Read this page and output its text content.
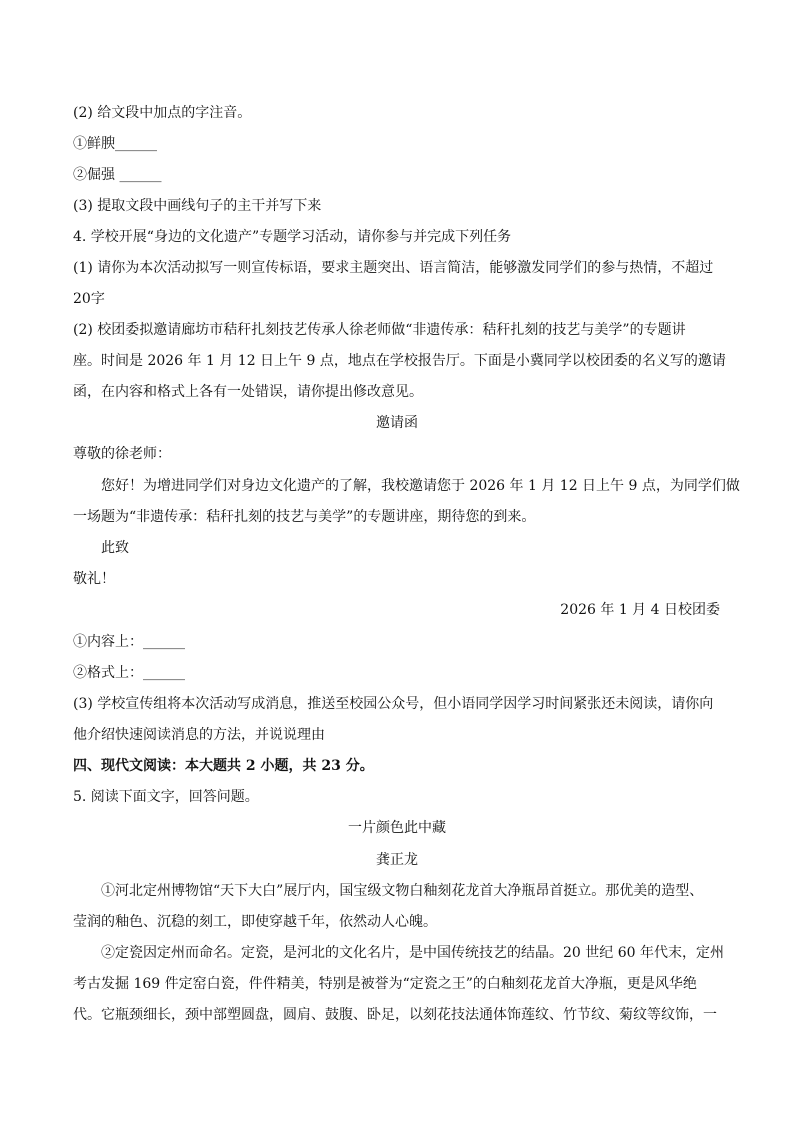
(2) 给文段中加点的字注音。
①鲜腴______
②倔强 ______
(3) 提取文段中画线句子的主干并写下来
4. 学校开展“身边的文化遗产”专题学习活动，请你参与并完成下列任务
(1) 请你为本次活动拟写一则宣传标语，要求主题突出、语言简洁，能够激发同学们的参与热情，不超过
20字
(2) 校团委拟邀请廊坊市秸秆扎刻技艺传承人徐老师做“非遗传承：秸秆扎刻的技艺与美学”的专题讲
座。时间是 2026 年 1 月 12 日上午 9 点，地点在学校报告厅。下面是小冀同学以校团委的名义写的邀请
函，在内容和格式上各有一处错误，请你提出修改意见。
邀请函
尊敬的徐老师：
您好！为增进同学们对身边文化遗产的了解，我校邀请您于 2026 年 1 月 12 日上午 9 点，为同学们做
一场题为“非遗传承：秸秆扎刻的技艺与美学”的专题讲座，期待您的到来。
此致
敬礼！
2026 年 1 月 4 日校团委
①内容上：______
②格式上：______
(3) 学校宣传组将本次活动写成消息，推送至校园公众号，但小语同学因学习时间紧张还未阅读，请你向
他介绍快速阅读消息的方法，并说说理由
四、现代文阅读：本大题共 2 小题，共 23 分。
5. 阅读下面文字，回答问题。
一片颜色此中藏
龚正龙
①河北定州博物馆“天下大白”展厅内，国宝级文物白釉刻花龙首大净瓶昂首挺立。那优美的造型、
莹润的釉色、沉稳的刻工，即使穿越千年，依然动人心魄。
②定瓷因定州而命名。定瓷，是河北的文化名片，是中国传统技艺的结晶。20 世纪 60 年代末，定州
考古发掘 169 件定窑白瓷，件件精美，特别是被誉为“定瓷之王”的白釉刻花龙首大净瓶，更是风华绝
代。它瓶颈细长，颈中部塑圆盘，圆肩、鼓腹、卧足，以刻花技法通体饰莲纹、竹节纹、菊纹等纹饰，一
